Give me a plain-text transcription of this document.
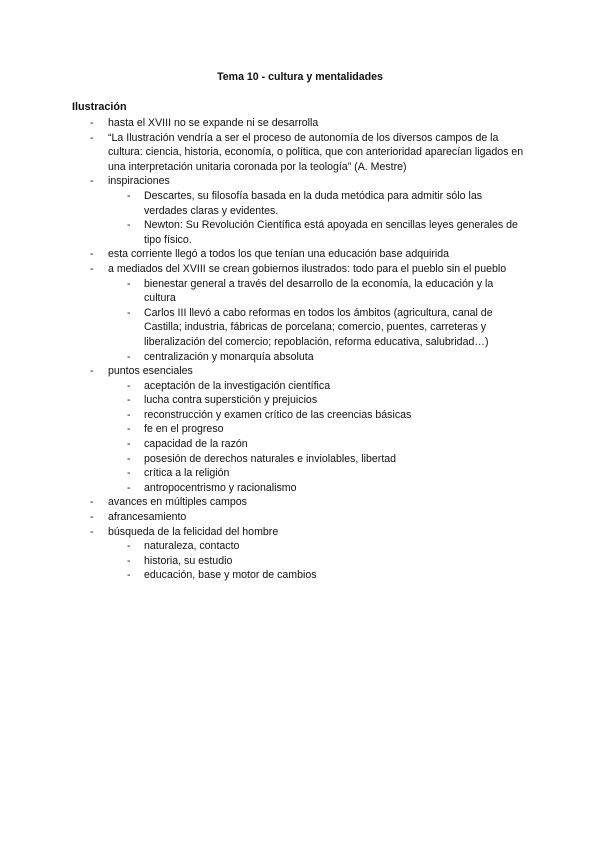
Tema 10 - cultura y mentalidades
Ilustración
- hasta el XVIII no se expande ni se desarrolla
- “La Ilustración vendría a ser el proceso de autonomía de los diversos campos de la cultura: ciencia, historia, economía, o política, que con anterioridad aparecían ligados en una interpretación unitaria coronada por la teología” (A. Mestre)
- inspiraciones
- Descartes, su filosofía basada en la duda metódica para admitir sólo las verdades claras y evidentes.
- Newton: Su Revolución Científica está apoyada en sencillas leyes generales de tipo físico.
- esta corriente llegó a todos los que tenían una educación base adquirida
- a mediados del XVIII se crean gobiernos ilustrados: todo para el pueblo sin el pueblo
- bienestar general a través del desarrollo de la economía, la educación y la cultura
- Carlos III llevó a cabo reformas en todos los ámbitos (agricultura, canal de Castilla; industria, fábricas de porcelana; comercio, puentes, carreteras y liberalización del comercio; repoblación, reforma educativa, salubridad…)
- centralización y monarquía absoluta
- puntos esenciales
- aceptación de la investigación científica
- lucha contra superstición y prejuicios
- reconstrucción y examen crítico de las creencias básicas
- fe en el progreso
- capacidad de la razón
- posesión de derechos naturales e inviolables, libertad
- crítica a la religión
- antropocentrismo y racionalismo
- avances en múltiples campos
- afrancesamiento
- búsqueda de la felicidad del hombre
- naturaleza, contacto
- historia, su estudio
- educación, base y motor de cambios
